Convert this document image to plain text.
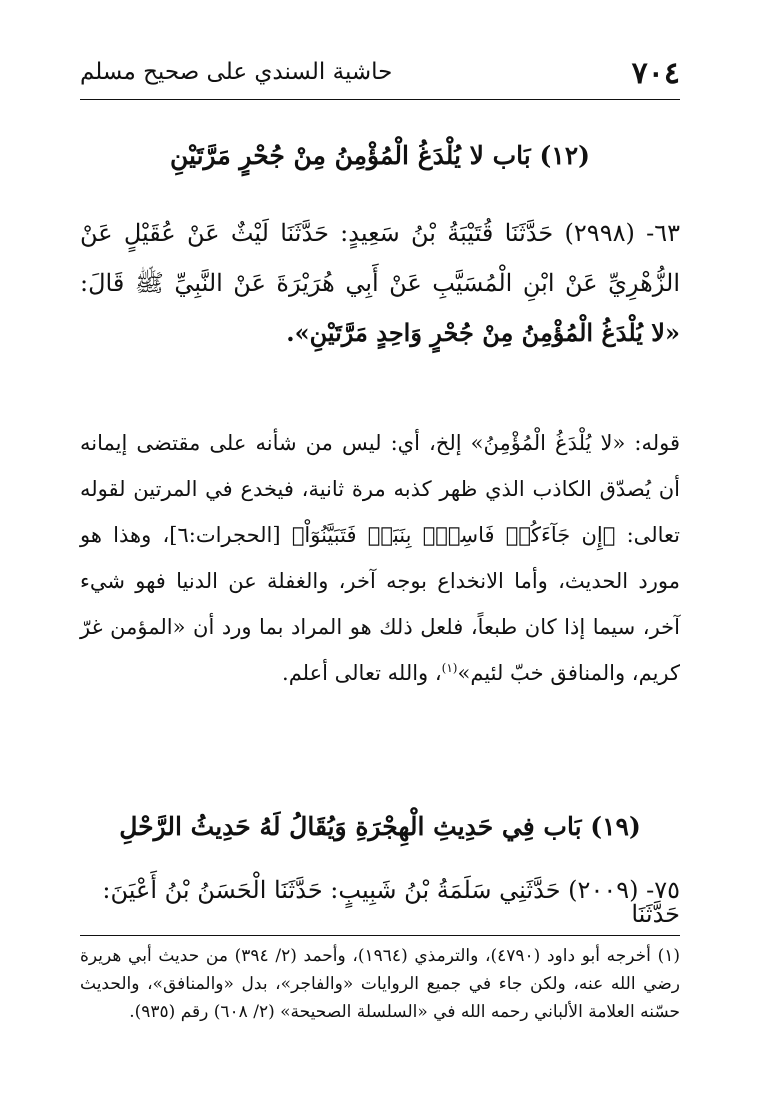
٧٠٤
حاشية السندي على صحيح مسلم
(١٢) بَاب لا يُلْدَغُ الْمُؤْمِنُ مِنْ جُحْرٍ مَرَّتَيْنِ
٦٣- (٢٩٩٨) حَدَّثَنَا قُتَيْبَةُ بْنُ سَعِيدٍ: حَدَّثَنَا لَيْثٌ عَنْ عُقَيْلٍ عَنْ الزُّهْرِيِّ عَنْ ابْنِ الْمُسَيَّبِ عَنْ أَبِي هُرَيْرَةَ عَنْ النَّبِيِّ ﷺ قَالَ: «لا يُلْدَغُ الْمُؤْمِنُ مِنْ جُحْرٍ وَاحِدٍ مَرَّتَيْنِ».
قوله: «لا يُلْدَغُ الْمُؤْمِنُ» إلخ، أي: ليس من شأنه على مقتضى إيمانه أن يُصدّق الكاذب الذي ظهر كذبه مرة ثانية، فيخدع في المرتين لقوله تعالى: ﴿إِن جَآءَكُمۡ فَاسِقُۢ بِنَبَإٖ فَتَبَيَّنُوٓاْ﴾ [الحجرات:٦]، وهذا هو مورد الحديث، وأما الانخداع بوجه آخر، والغفلة عن الدنيا فهو شيء آخر، سيما إذا كان طبعاً، فلعل ذلك هو المراد بما ورد أن «المؤمن غرّ كريم، والمنافق خبّ لئيم»$^{(١)}$، والله تعالى أعلم.
(١٩) بَاب فِي حَدِيثِ الْهِجْرَةِ وَيُقَالُ لَهُ حَدِيثُ الرَّحْلِ
٧٥- (٢٠٠٩) حَدَّثَنِي سَلَمَةُ بْنُ شَبِيبٍ: حَدَّثَنَا الْحَسَنُ بْنُ أَعْيَنَ: حَدَّثَنَا
(١) أخرجه أبو داود (٤٧٩٠)، والترمذي (١٩٦٤)، وأحمد (٢/ ٣٩٤) من حديث أبي هريرة رضي الله عنه، ولكن جاء في جميع الروايات «والفاجر»، بدل «والمنافق»، والحديث حسّنه العلامة الألباني رحمه الله في «السلسلة الصحيحة» (٢/ ٦٠٨) رقم (٩٣٥).
